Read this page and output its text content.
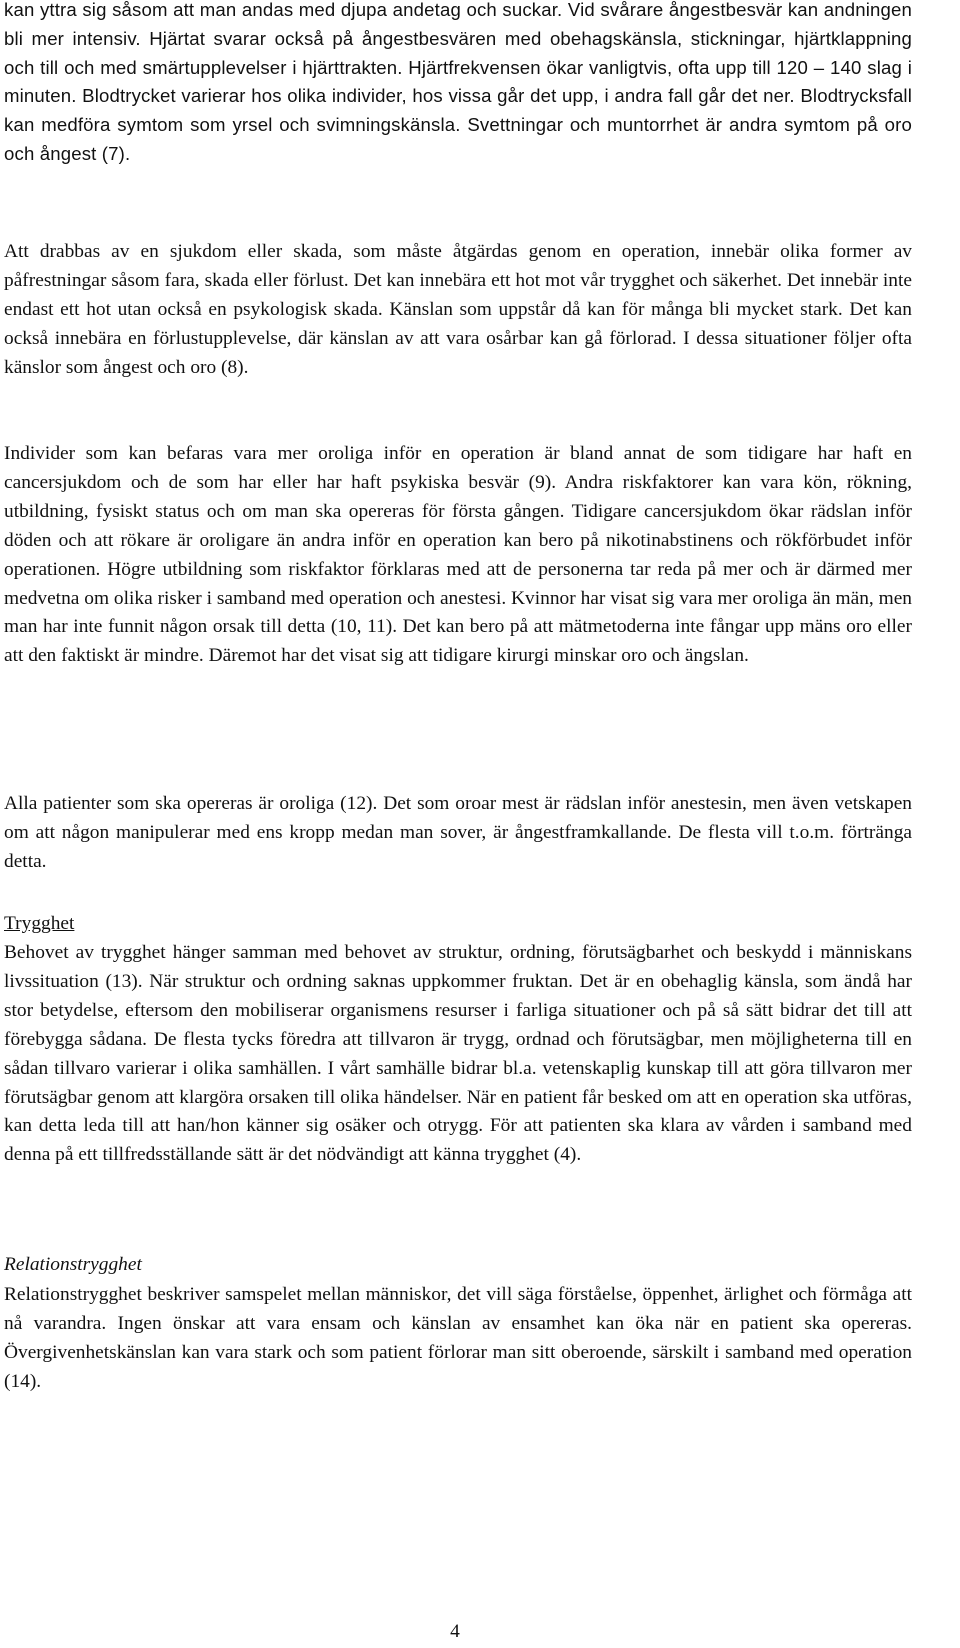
kan yttra sig såsom att man andas med djupa andetag och suckar. Vid svårare ångestbesvär kan andningen bli mer intensiv. Hjärtat svarar också på ångestbesvären med obehagskänsla, stickningar, hjärtklappning och till och med smärtupplevelser i hjärttrakten. Hjärtfrekvensen ökar vanligtvis, ofta upp till 120 – 140 slag i minuten. Blodtrycket varierar hos olika individer, hos vissa går det upp, i andra fall går det ner. Blodtrycksfall kan medföra symtom som yrsel och svimningskänsla. Svettningar och muntorrhet är andra symtom på oro och ångest (7).

Att drabbas av en sjukdom eller skada, som måste åtgärdas genom en operation, innebär olika former av påfrestningar såsom fara, skada eller förlust. Det kan innebära ett hot mot vår trygghet och säkerhet. Det innebär inte endast ett hot utan också en psykologisk skada. Känslan som uppstår då kan för många bli mycket stark. Det kan också innebära en förlustupplevelse, där känslan av att vara osårbar kan gå förlorad. I dessa situationer följer ofta känslor som ångest och oro (8).

Individer som kan befaras vara mer oroliga inför en operation är bland annat de som tidigare har haft en cancersjukdom och de som har eller har haft psykiska besvär (9). Andra riskfaktorer kan vara kön, rökning, utbildning, fysiskt status och om man ska opereras för första gången. Tidigare cancersjukdom ökar rädslan inför döden och att rökare är oroligare än andra inför en operation kan bero på nikotinabstinens och rökförbudet inför operationen. Högre utbildning som riskfaktor förklaras med att de personerna tar reda på mer och är därmed mer medvetna om olika risker i samband med operation och anestesi. Kvinnor har visat sig vara mer oroliga än män, men man har inte funnit någon orsak till detta (10, 11). Det kan bero på att mätmetoderna inte fångar upp mäns oro eller att den faktiskt är mindre. Däremot har det visat sig att tidigare kirurgi minskar oro och ängslan.

Alla patienter som ska opereras är oroliga (12). Det som oroar mest är rädslan inför anestesin, men även vetskapen om att någon manipulerar med ens kropp medan man sover, är ångestframkallande. De flesta vill t.o.m. förtränga detta.

Trygghet

Behovet av trygghet hänger samman med behovet av struktur, ordning, förutsägbarhet och beskydd i människans livssituation (13). När struktur och ordning saknas uppkommer fruktan. Det är en obehaglig känsla, som ändå har stor betydelse, eftersom den mobiliserar organismens resurser i farliga situationer och på så sätt bidrar det till att förebygga sådana. De flesta tycks föredra att tillvaron är trygg, ordnad och förutsägbar, men möjligheterna till en sådan tillvaro varierar i olika samhällen. I vårt samhälle bidrar bl.a. vetenskaplig kunskap till att göra tillvaron mer förutsägbar genom att klargöra orsaken till olika händelser. När en patient får besked om att en operation ska utföras, kan detta leda till att han/hon känner sig osäker och otrygg. För att patienten ska klara av vården i samband med denna på ett tillfredsställande sätt är det nödvändigt att känna trygghet (4).

Relationstrygghet

Relationstrygghet beskriver samspelet mellan människor, det vill säga förståelse, öppenhet, ärlighet och förmåga att nå varandra. Ingen önskar att vara ensam och känslan av ensamhet kan öka när en patient ska opereras. Övergivenhetskänslan kan vara stark och som patient förlorar man sitt oberoende, särskilt i samband med operation (14).

4
